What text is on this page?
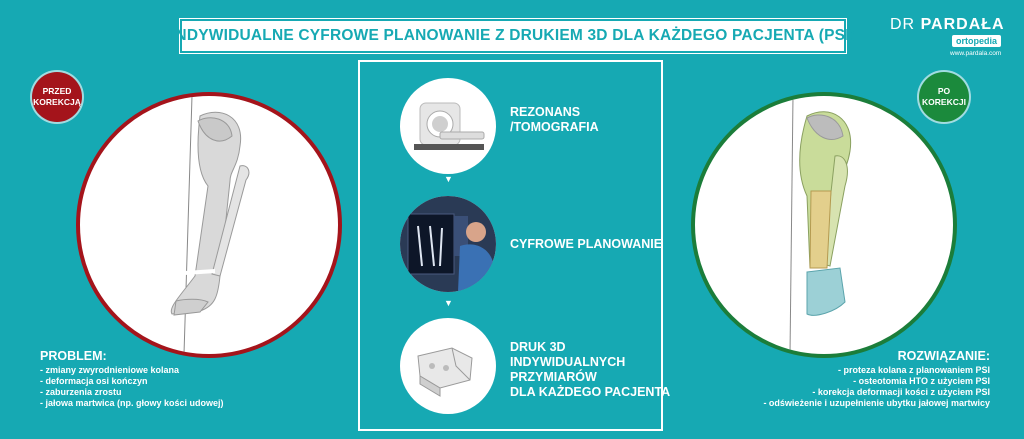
INDYWIDUALNE CYFROWE PLANOWANIE Z DRUKIEM 3D DLA KAŻDEGO PACJENTA (PSI)
DR PARDAŁA
ortopedia
www.pardala.com
PRZED
KOREKCJĄ
PO
KOREKCJI
REZONANS
/TOMOGRAFIA
▼
CYFROWE PLANOWANIE
▼
DRUK 3D
INDYWIDUALNYCH
PRZYMIARÓW
DLA KAŻDEGO PACJENTA
PROBLEM:
- zmiany zwyrodnieniowe kolana
- deformacja osi kończyn
- zaburzenia zrostu
- jałowa martwica (np. głowy kości udowej)
ROZWIĄZANIE:
- proteza kolana z planowaniem PSI
- osteotomia HTO z użyciem PSI
- korekcja deformacji kości z użyciem PSI
- odświeżenie i uzupełnienie ubytku jałowej martwicy
